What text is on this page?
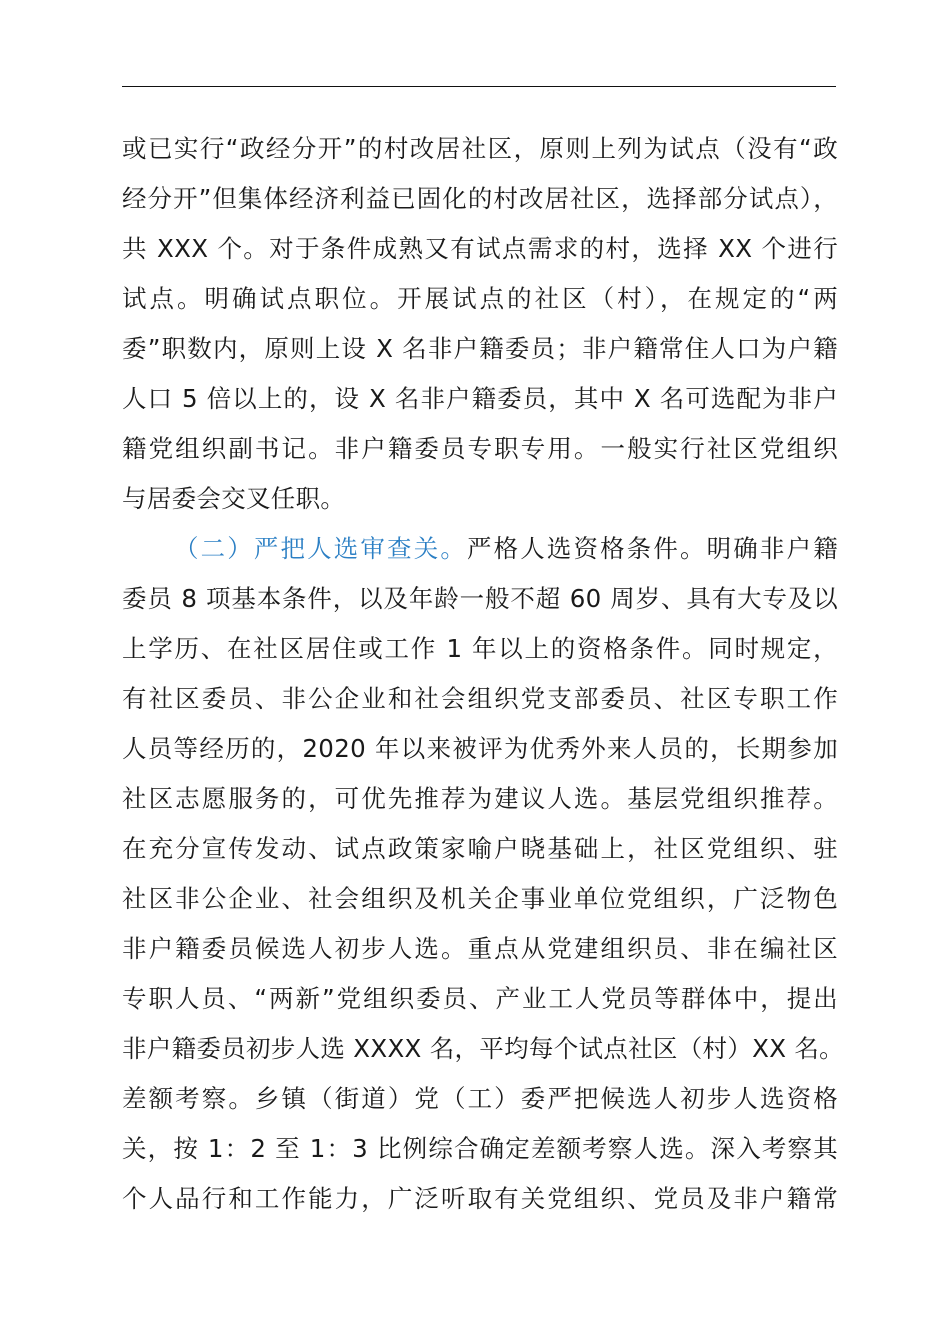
或已实行“政经分开”的村改居社区，原则上列为试点（没有“政
经分开”但集体经济利益已固化的村改居社区，选择部分试点），
共 XXX 个。对于条件成熟又有试点需求的村，选择 XX 个进行
试点。明确试点职位。开展试点的社区（村），在规定的“两
委”职数内，原则上设 X 名非户籍委员；非户籍常住人口为户籍
人口 5 倍以上的，设 X 名非户籍委员，其中 X 名可选配为非户
籍党组织副书记。非户籍委员专职专用。一般实行社区党组织
与居委会交叉任职。
（二）严把人选审查关。严格人选资格条件。明确非户籍
委员 8 项基本条件，以及年龄一般不超 60 周岁、具有大专及以
上学历、在社区居住或工作 1 年以上的资格条件。同时规定，
有社区委员、非公企业和社会组织党支部委员、社区专职工作
人员等经历的，2020 年以来被评为优秀外来人员的，长期参加
社区志愿服务的，可优先推荐为建议人选。基层党组织推荐。
在充分宣传发动、试点政策家喻户晓基础上，社区党组织、驻
社区非公企业、社会组织及机关企事业单位党组织，广泛物色
非户籍委员候选人初步人选。重点从党建组织员、非在编社区
专职人员、“两新”党组织委员、产业工人党员等群体中，提出
非户籍委员初步人选 XXXX 名，平均每个试点社区（村）XX 名。
差额考察。乡镇（街道）党（工）委严把候选人初步人选资格
关，按 1：2 至 1：3 比例综合确定差额考察人选。深入考察其
个人品行和工作能力，广泛听取有关党组织、党员及非户籍常
